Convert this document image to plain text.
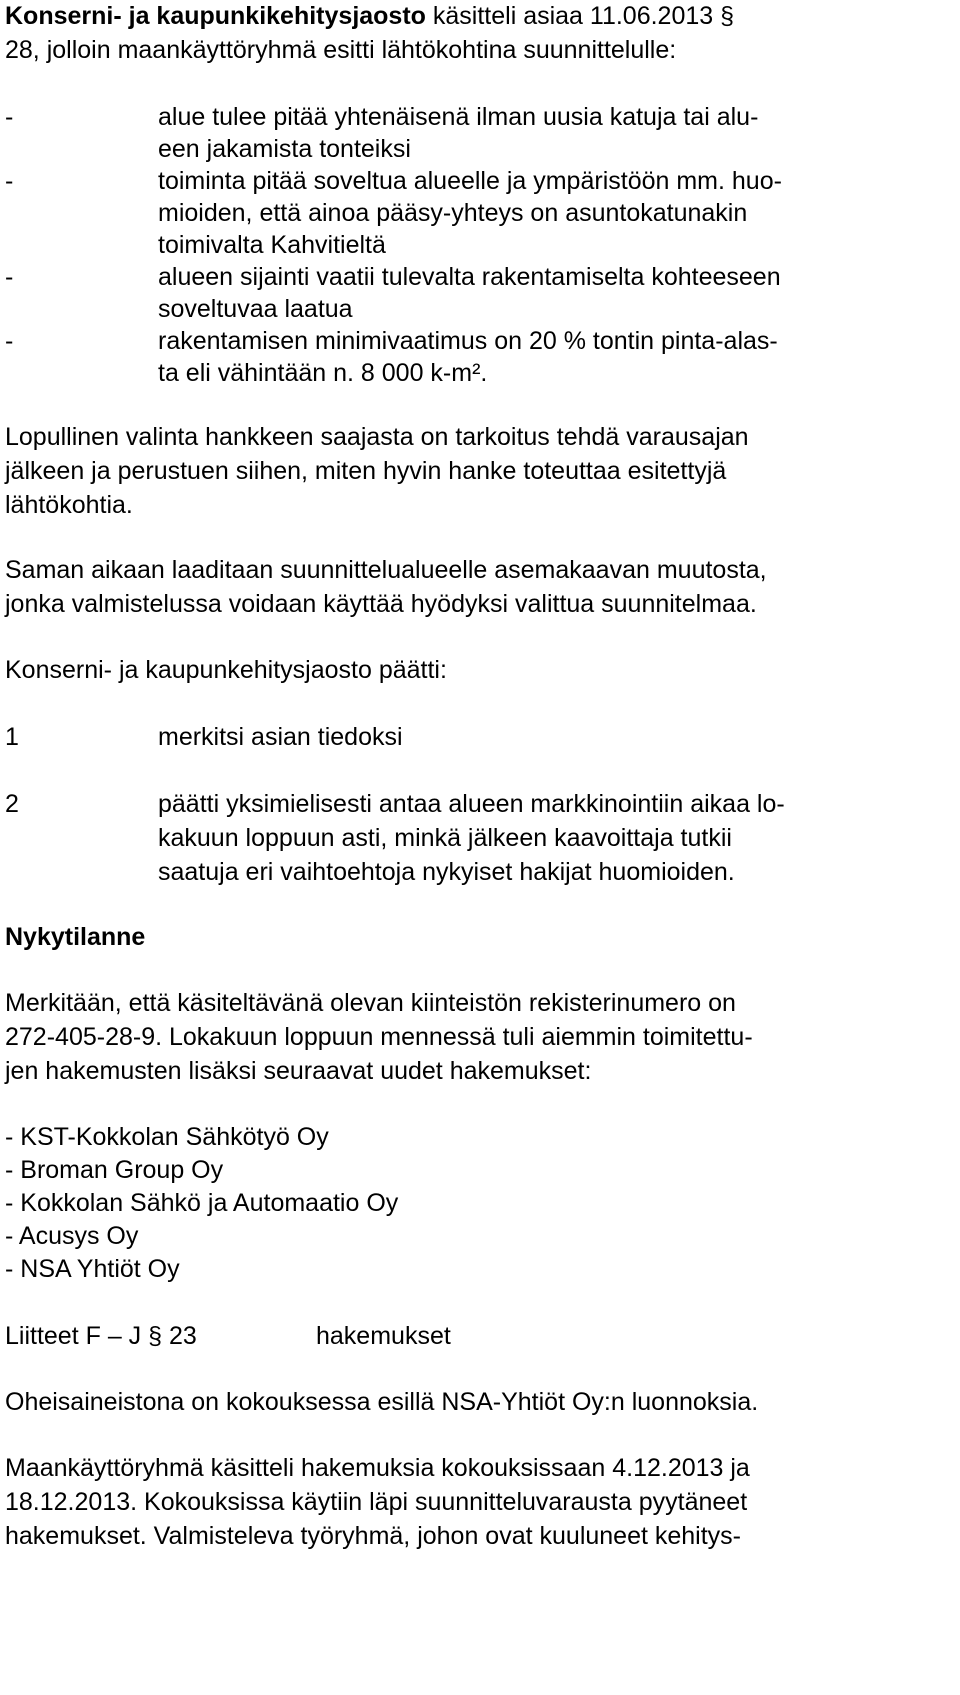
Konserni- ja kaupunkikehitysjaosto käsitteli asiaa 11.06.2013 §
28, jolloin maankäyttöryhmä esitti lähtökohtina suunnittelulle:
-	alue tulee pitää yhtenäisenä ilman uusia katuja tai alu-
een jakamista tonteiksi
-	toiminta pitää soveltua alueelle ja ympäristöön mm. huo-
mioiden, että ainoa pääsy-yhteys on asuntokatunakin
toimivalta Kahvitieltä
-	alueen sijainti vaatii tulevalta rakentamiselta kohteeseen
soveltuvaa laatua
-	rakentamisen minimivaatimus on 20 % tontin pinta-alas-
ta eli vähintään n. 8 000 k-m².
Lopullinen valinta hankkeen saajasta on tarkoitus tehdä varausajan
jälkeen ja perustuen siihen, miten hyvin hanke toteuttaa esitettyjä
lähtökohtia.
Saman aikaan laaditaan suunnittelualueelle asemakaavan muutosta,
jonka valmistelussa voidaan käyttää hyödyksi valittua suunnitelmaa.
Konserni- ja kaupunkehitysjaosto päätti:
1	merkitsi asian tiedoksi
2	päätti yksimielisesti antaa alueen markkinointiin aikaa lo-
kakuun loppuun asti, minkä jälkeen kaavoittaja tutkii
saatuja eri vaihtoehtoja nykyiset hakijat huomioiden.
Nykytilanne
Merkitään, että käsiteltävänä olevan kiinteistön rekisterinumero on
272-405-28-9. Lokakuun loppuun mennessä tuli aiemmin toimitettu-
jen hakemusten lisäksi seuraavat uudet hakemukset:
- KST-Kokkolan Sähkötyö Oy
- Broman Group Oy
- Kokkolan Sähkö ja Automaatio Oy
- Acusys Oy
- NSA Yhtiöt Oy
Liitteet F – J § 23	hakemukset
Oheisaineistona on kokouksessa esillä NSA-Yhtiöt Oy:n luonnoksia.
Maankäyttöryhmä käsitteli hakemuksia kokouksissaan 4.12.2013 ja
18.12.2013. Kokouksissa käytiin läpi suunnitteluvarausta pyytäneet
hakemukset. Valmisteleva työryhmä, johon ovat kuuluneet kehitys-
